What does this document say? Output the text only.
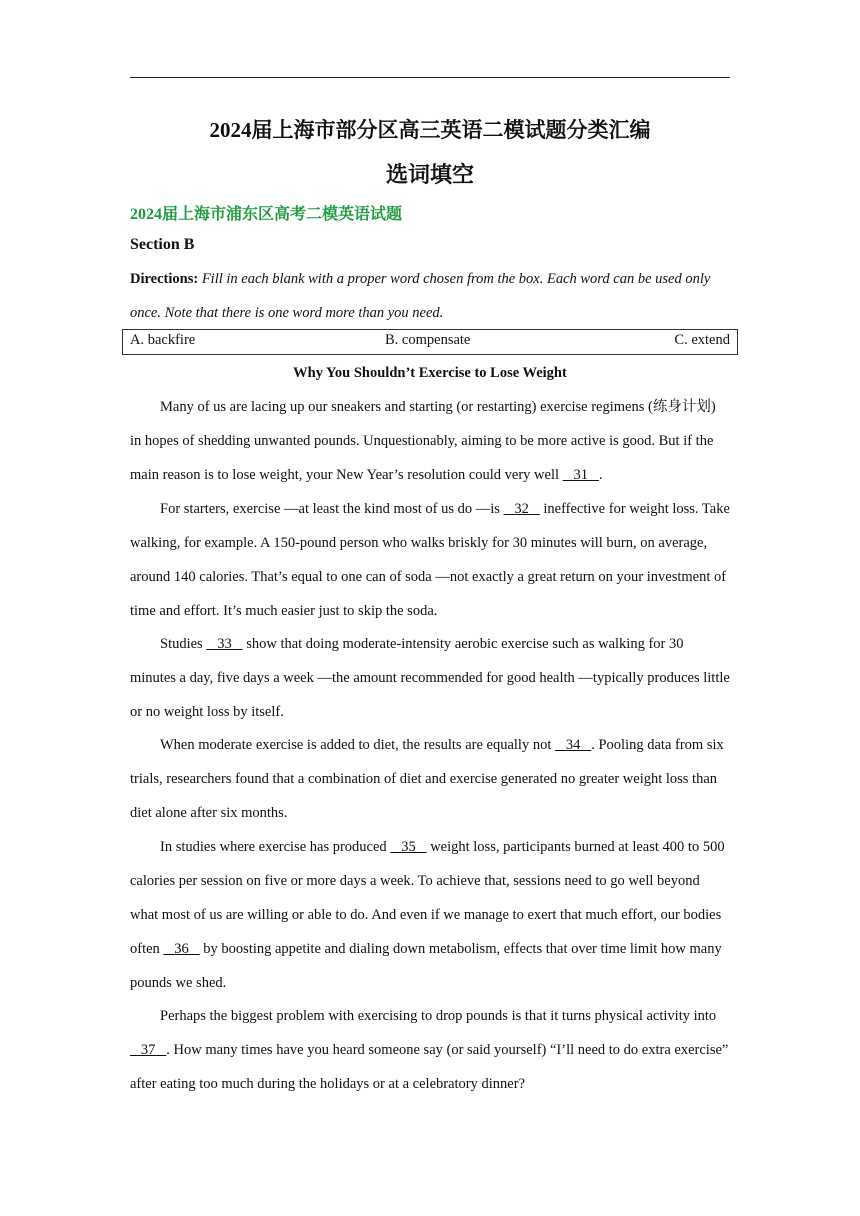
2024届上海市部分区高三英语二模试题分类汇编
选词填空
2024届上海市浦东区高考二模英语试题
Section B
Directions: Fill in each blank with a proper word chosen from the box. Each word can be used only once. Note that there is one word more than you need.
A. backfire	B. compensate	C. extend
Why You Shouldn’t Exercise to Lose Weight
Many of us are lacing up our sneakers and starting (or restarting) exercise regimens (练身计划) in hopes of shedding unwanted pounds. Unquestionably, aiming to be more active is good. But if the main reason is to lose weight, your New Year’s resolution could very well    31 .
For starters, exercise —at least the kind most of us do —is    32    ineffective for weight loss. Take walking, for example. A 150-pound person who walks briskly for 30 minutes will burn, on average, around 140 calories. That’s equal to one can of soda —not exactly a great return on your investment of time and effort. It’s much easier just to skip the soda.
Studies    33    show that doing moderate-intensity aerobic exercise such as walking for 30 minutes a day, five days a week —the amount recommended for good health —typically produces little or no weight loss by itself.
When moderate exercise is added to diet, the results are equally not    34 . Pooling data from six trials, researchers found that a combination of diet and exercise generated no greater weight loss than diet alone after six months.
In studies where exercise has produced    35    weight loss, participants burned at least 400 to 500 calories per session on five or more days a week. To achieve that, sessions need to go well beyond what most of us are willing or able to do. And even if we manage to exert that much effort, our bodies often    36    by boosting appetite and dialing down metabolism, effects that over time limit how many pounds we shed.
Perhaps the biggest problem with exercising to drop pounds is that it turns physical activity into    37 . How many times have you heard someone say (or said yourself) “I’ll need to do extra exercise” after eating too much during the holidays or at a celebratory dinner?
